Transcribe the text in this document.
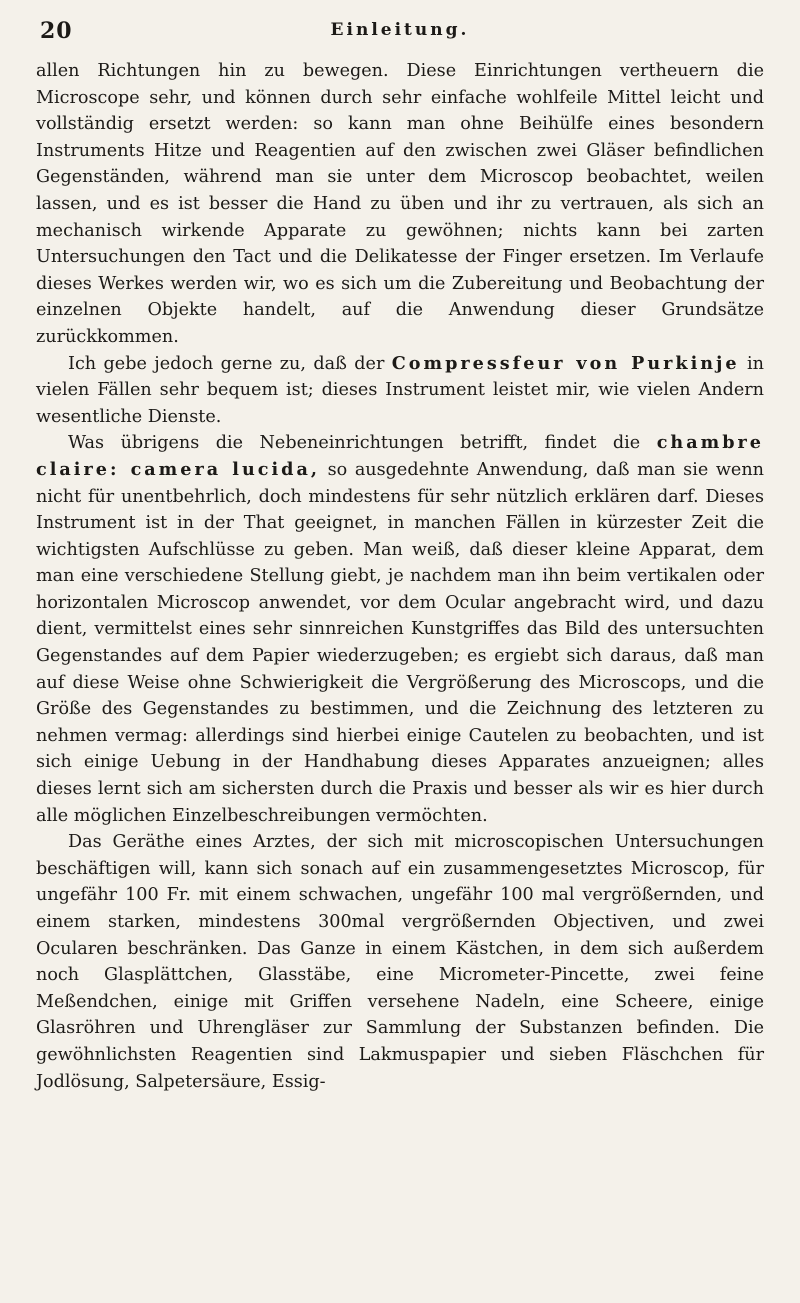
20	Einleitung.

allen Richtungen hin zu bewegen. Diese Einrichtungen vertheuern die Microscope sehr, und können durch sehr einfache wohlfeile Mittel leicht und vollständig ersetzt werden: so kann man ohne Beihülfe eines besondern Instruments Hitze und Reagentien auf den zwischen zwei Gläser befindlichen Gegenständen, während man sie unter dem Microscop beobachtet, weilen lassen, und es ist besser die Hand zu üben und ihr zu vertrauen, als sich an mechanisch wirkende Apparate zu gewöhnen; nichts kann bei zarten Untersuchungen den Tact und die Delikatesse der Finger ersetzen. Im Verlaufe dieses Werkes werden wir, wo es sich um die Zubereitung und Beobachtung der einzelnen Objekte handelt, auf die Anwendung dieser Grundsätze zurückkommen.

Ich gebe jedoch gerne zu, daß der Compressfeur von Purkinje in vielen Fällen sehr bequem ist; dieses Instrument leistet mir, wie vielen Andern wesentliche Dienste.

Was übrigens die Nebeneinrichtungen betrifft, findet die chambre claire: camera lucida, so ausgedehnte Anwendung, daß man sie wenn nicht für unentbehrlich, doch mindestens für sehr nützlich erklären darf. Dieses Instrument ist in der That geeignet, in manchen Fällen in kürzester Zeit die wichtigsten Aufschlüsse zu geben. Man weiß, daß dieser kleine Apparat, dem man eine verschiedene Stellung giebt, je nachdem man ihn beim vertikalen oder horizontalen Microscop anwendet, vor dem Ocular angebracht wird, und dazu dient, vermittelst eines sehr sinnreichen Kunstgriffes das Bild des untersuchten Gegenstandes auf dem Papier wiederzugeben; es ergiebt sich daraus, daß man auf diese Weise ohne Schwierigkeit die Vergrößerung des Microscops, und die Größe des Gegenstandes zu bestimmen, und die Zeichnung des letzteren zu nehmen vermag: allerdings sind hierbei einige Cautelen zu beobachten, und ist sich einige Uebung in der Handhabung dieses Apparates anzueignen; alles dieses lernt sich am sichersten durch die Praxis und besser als wir es hier durch alle möglichen Einzelbeschreibungen vermöchten.

Das Geräthe eines Arztes, der sich mit microscopischen Untersuchungen beschäftigen will, kann sich sonach auf ein zusammengesetztes Microscop, für ungefähr 100 Fr. mit einem schwachen, ungefähr 100 mal vergrößernden, und einem starken, mindestens 300mal vergrößernden Objectiven, und zwei Ocularen beschränken. Das Ganze in einem Kästchen, in dem sich außerdem noch Glasplättchen, Glasstäbe, eine Micrometer-Pincette, zwei feine Meßendchen, einige mit Griffen versehene Nadeln, eine Scheere, einige Glasröhren und Uhrengläser zur Sammlung der Substanzen befinden. Die gewöhnlichsten Reagentien sind Lakmuspapier und sieben Fläschchen für Jodlösung, Salpetersäure, Essig-
